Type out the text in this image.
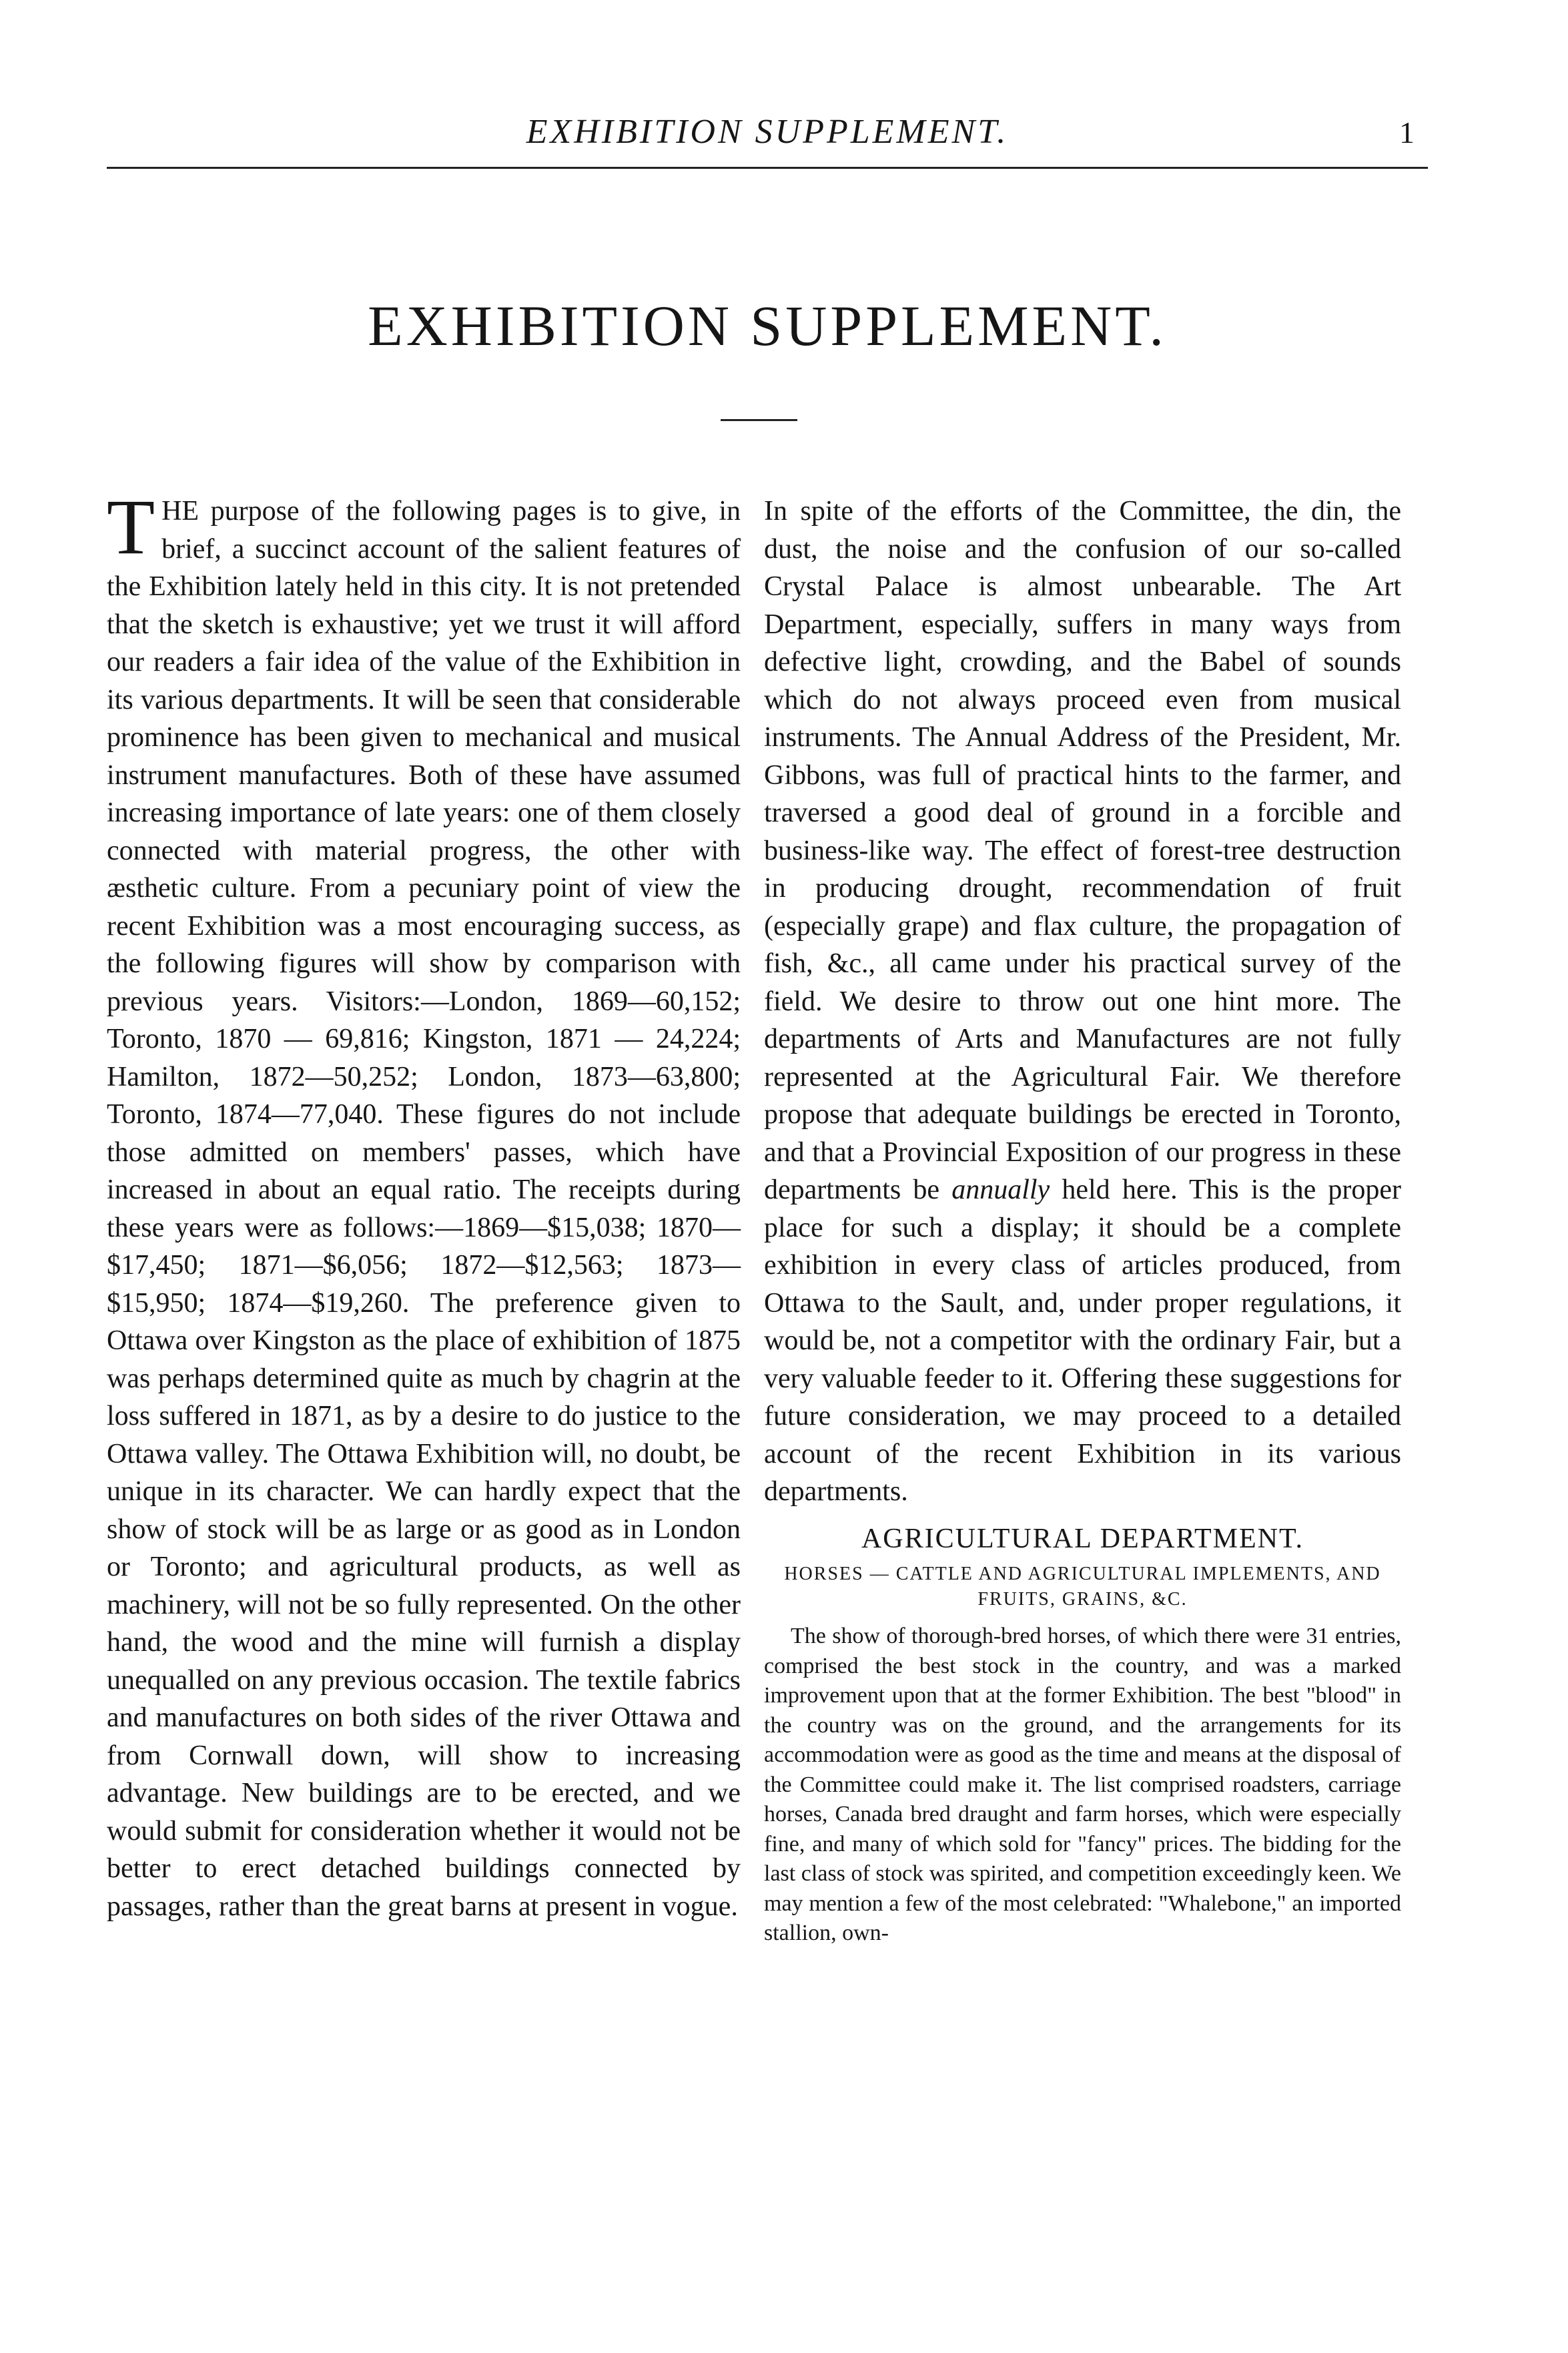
EXHIBITION SUPPLEMENT.	1
EXHIBITION SUPPLEMENT.

THE purpose of the following pages is to give, in brief, a succinct account of the salient features of the Exhibition lately held in this city. It is not pretended that the sketch is exhaustive; yet we trust it will afford our readers a fair idea of the value of the Exhibition in its various departments. It will be seen that considerable prominence has been given to mechanical and musical instrument manufactures. Both of these have assumed increasing importance of late years: one of them closely connected with material progress, the other with æsthetic culture. From a pecuniary point of view the recent Exhibition was a most encouraging success, as the following figures will show by comparison with previous years. Visitors:—London, 1869—60,152; Toronto, 1870 — 69,816; Kingston, 1871 — 24,224; Hamilton, 1872—50,252; London, 1873—63,800; Toronto, 1874—77,040. These figures do not include those admitted on members' passes, which have increased in about an equal ratio. The receipts during these years were as follows:—1869—$15,038; 1870—$17,450; 1871—$6,056; 1872—$12,563; 1873—$15,950; 1874—$19,260. The preference given to Ottawa over Kingston as the place of exhibition of 1875 was perhaps determined quite as much by chagrin at the loss suffered in 1871, as by a desire to do justice to the Ottawa valley. The Ottawa Exhibition will, no doubt, be unique in its character. We can hardly expect that the show of stock will be as large or as good as in London or Toronto; and agricultural products, as well as machinery, will not be so fully represented. On the other hand, the wood and the mine will furnish a display unequalled on any previous occasion. The textile fabrics and manufactures on both sides of the river Ottawa and from Cornwall down, will show to increasing advantage. New buildings are to be erected, and we would submit for consideration whether it would not be better to erect detached buildings connected by passages, rather than the great barns at present in vogue.

In spite of the efforts of the Committee, the din, the dust, the noise and the confusion of our so-called Crystal Palace is almost unbearable. The Art Department, especially, suffers in many ways from defective light, crowding, and the Babel of sounds which do not always proceed even from musical instruments. The Annual Address of the President, Mr. Gibbons, was full of practical hints to the farmer, and traversed a good deal of ground in a forcible and business-like way. The effect of forest-tree destruction in producing drought, recommendation of fruit (especially grape) and flax culture, the propagation of fish, &c., all came under his practical survey of the field. We desire to throw out one hint more. The departments of Arts and Manufactures are not fully represented at the Agricultural Fair. We therefore propose that adequate buildings be erected in Toronto, and that a Provincial Exposition of our progress in these departments be annually held here. This is the proper place for such a display; it should be a complete exhibition in every class of articles produced, from Ottawa to the Sault, and, under proper regulations, it would be, not a competitor with the ordinary Fair, but a very valuable feeder to it. Offering these suggestions for future consideration, we may proceed to a detailed account of the recent Exhibition in its various departments.

AGRICULTURAL DEPARTMENT.
HORSES — CATTLE AND AGRICULTURAL IMPLEMENTS, AND FRUITS, GRAINS, &C.

The show of thorough-bred horses, of which there were 31 entries, comprised the best stock in the country, and was a marked improvement upon that at the former Exhibition. The best "blood" in the country was on the ground, and the arrangements for its accommodation were as good as the time and means at the disposal of the Committee could make it. The list comprised roadsters, carriage horses, Canada bred draught and farm horses, which were especially fine, and many of which sold for "fancy" prices. The bidding for the last class of stock was spirited, and competition exceedingly keen. We may mention a few of the most celebrated: "Whalebone," an imported stallion, own-
